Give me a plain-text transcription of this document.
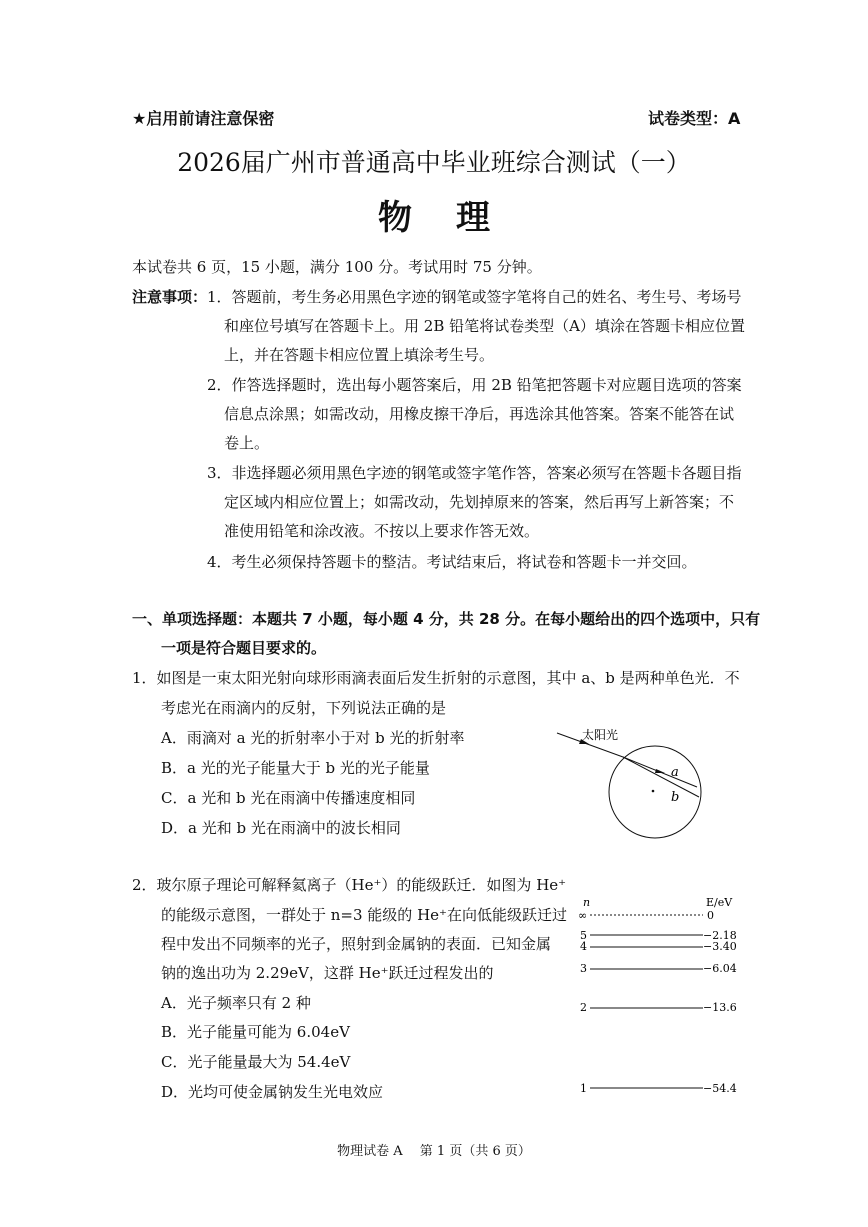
★启用前请注意保密	试卷类型：A
2026届广州市普通高中毕业班综合测试（一）
物理
本试卷共 6 页，15 小题，满分 100 分。考试用时 75 分钟。
注意事项： 1．答题前，考生务必用黑色字迹的钢笔或签字笔将自己的姓名、考生号、考场号
和座位号填写在答题卡上。用 2B 铅笔将试卷类型（A）填涂在答题卡相应位置
上，并在答题卡相应位置上填涂考生号。
2．作答选择题时，选出每小题答案后，用 2B 铅笔把答题卡对应题目选项的答案
信息点涂黑；如需改动，用橡皮擦干净后，再选涂其他答案。答案不能答在试
卷上。
3．非选择题必须用黑色字迹的钢笔或签字笔作答，答案必须写在答题卡各题目指
定区域内相应位置上；如需改动，先划掉原来的答案，然后再写上新答案；不
准使用铅笔和涂改液。不按以上要求作答无效。
4．考生必须保持答题卡的整洁。考试结束后，将试卷和答题卡一并交回。
一、单项选择题：本题共 7 小题，每小题 4 分，共 28 分。在每小题给出的四个选项中，只有
一项是符合题目要求的。
1．如图是一束太阳光射向球形雨滴表面后发生折射的示意图，其中 a、b 是两种单色光．不
考虑光在雨滴内的反射，下列说法正确的是
A．雨滴对 a 光的折射率小于对 b 光的折射率
B．a 光的光子能量大于 b 光的光子能量
C．a 光和 b 光在雨滴中传播速度相同
D．a 光和 b 光在雨滴中的波长相同
太阳光
a
b
2．玻尔原子理论可解释氦离子（He⁺）的能级跃迁．如图为 He⁺
的能级示意图，一群处于 n=3 能级的 He⁺在向低能级跃迁过
程中发出不同频率的光子，照射到金属钠的表面．已知金属
钠的逸出功为 2.29eV，这群 He⁺跃迁过程发出的
A．光子频率只有 2 种
B．光子能量可能为 6.04eV
C．光子能量最大为 54.4eV
D．光均可使金属钠发生光电效应
n	E/eV
∞	0
5	−2.18
4	−3.40
3	−6.04
2	−13.6
1	−54.4
物理试卷 A　 第 1 页（共 6 页）
